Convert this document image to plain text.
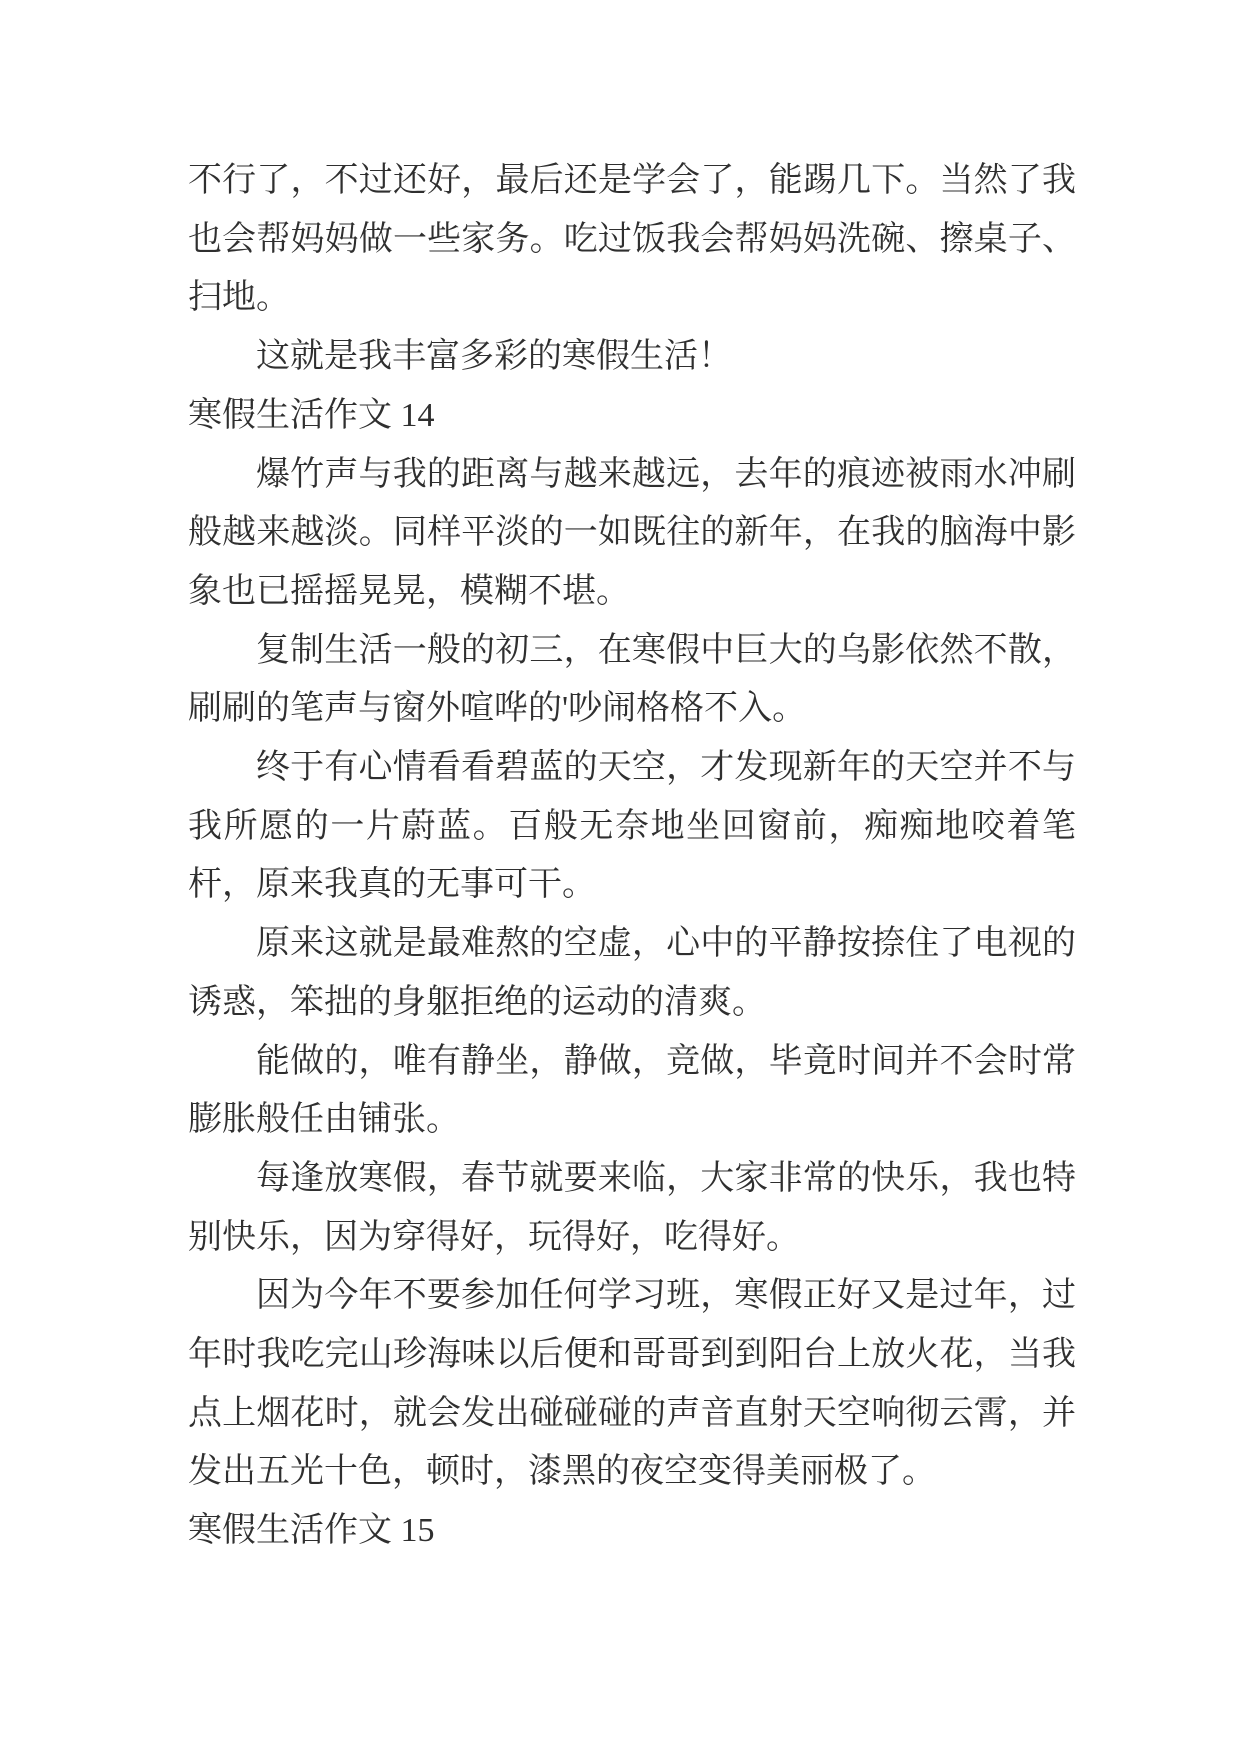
不行了，不过还好，最后还是学会了，能踢几下。当然了我也会帮妈妈做一些家务。吃过饭我会帮妈妈洗碗、擦桌子、扫地。

这就是我丰富多彩的寒假生活！

寒假生活作文 14

爆竹声与我的距离与越来越远，去年的痕迹被雨水冲刷般越来越淡。同样平淡的一如既往的新年，在我的脑海中影象也已摇摇晃晃，模糊不堪。

复制生活一般的初三，在寒假中巨大的乌影依然不散，刷刷的笔声与窗外喧哗的'吵闹格格不入。

终于有心情看看碧蓝的天空，才发现新年的天空并不与我所愿的一片蔚蓝。百般无奈地坐回窗前，痴痴地咬着笔杆，原来我真的无事可干。

原来这就是最难熬的空虚，心中的平静按捺住了电视的诱惑，笨拙的身躯拒绝的运动的清爽。

能做的，唯有静坐，静做，竞做，毕竟时间并不会时常膨胀般任由铺张。

每逢放寒假，春节就要来临，大家非常的快乐，我也特别快乐，因为穿得好，玩得好，吃得好。

因为今年不要参加任何学习班，寒假正好又是过年，过年时我吃完山珍海味以后便和哥哥到到阳台上放火花，当我点上烟花时，就会发出碰碰碰的声音直射天空响彻云霄，并发出五光十色，顿时，漆黑的夜空变得美丽极了。

寒假生活作文 15
